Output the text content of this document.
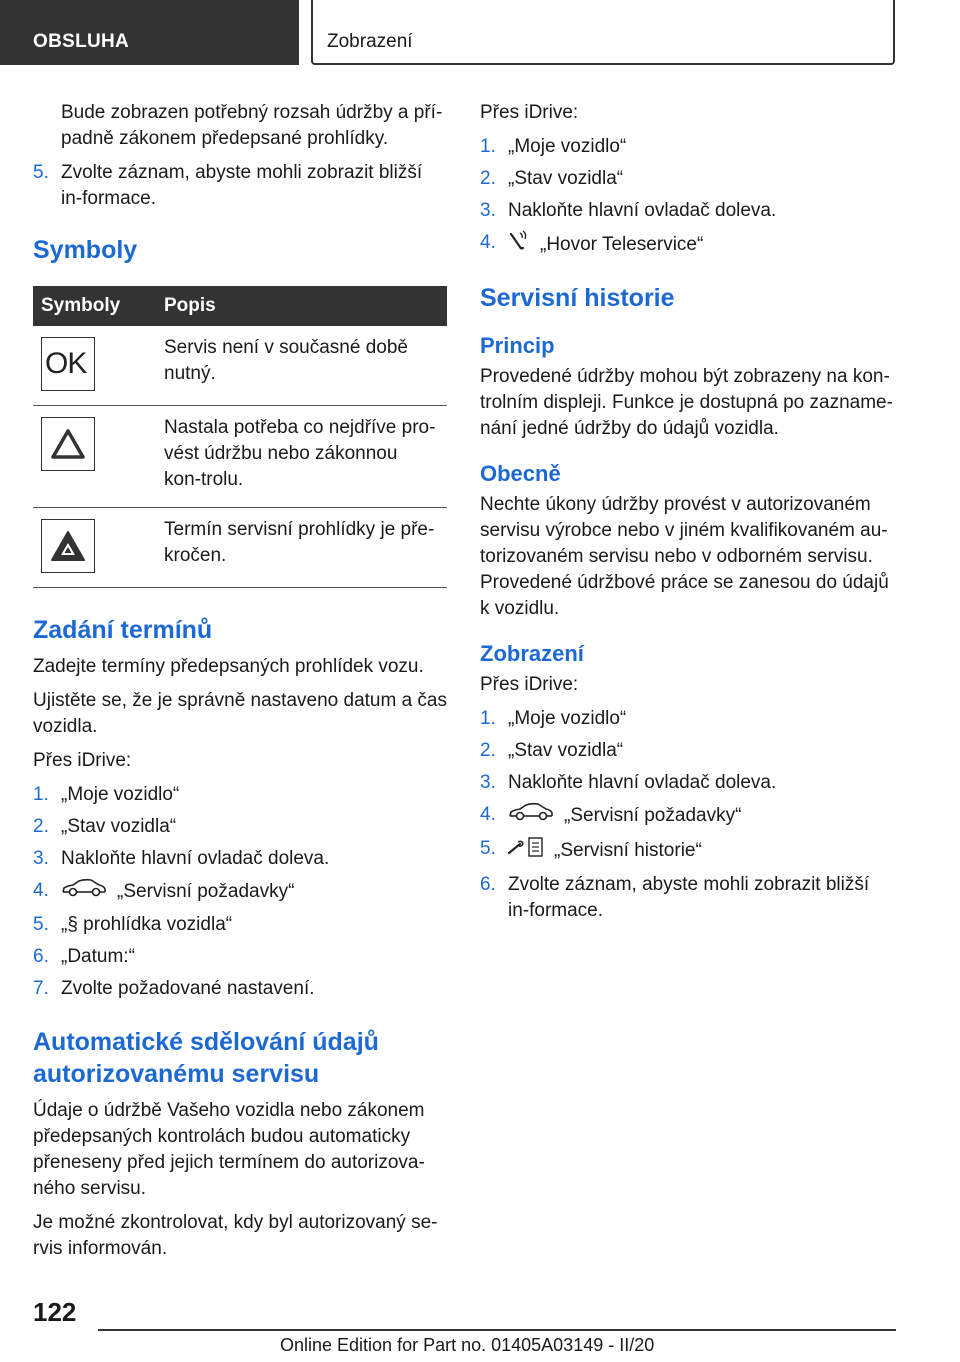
OBSLUHA	Zobrazení

Bude zobrazen potřebný rozsah údržby a pří-padně zákonem předepsané prohlídky.

5. Zvolte záznam, abyste mohli zobrazit bližší in-formace.
Symboly
Symboly	Popis

OK	Servis není v současné době nutný.

	Nastala potřeba co nejdříve pro-vést údržbu nebo zákonnou kon-trolu.

	Termín servisní prohlídky je pře-kročen.
Zadání termínů

Zadejte termíny předepsaných prohlídek vozu.

Ujistěte se, že je správně nastaveno datum a čas vozidla.

Přes iDrive:

1. „Moje vozidlo“
2. „Stav vozidla“
3. Nakloňte hlavní ovladač doleva.
4.	„Servisní požadavky“
5. „§ prohlídka vozidla“
6. „Datum:“
7. Zvolte požadované nastavení.
Automatické sdělování údajů autorizovanému servisu

Údaje o údržbě Vašeho vozidla nebo zákonem předepsaných kontrolách budou automaticky přeneseny před jejich termínem do autorizova-ného servisu.

Je možné zkontrolovat, kdy byl autorizovaný se-rvis informován.

Přes iDrive:

1. „Moje vozidlo“
2. „Stav vozidla“
3. Nakloňte hlavní ovladač doleva.
4. „Hovor Teleservice“
Servisní historie
Princip

Provedené údržby mohou být zobrazeny na kon-trolním displeji. Funkce je dostupná po zazname-nání jedné údržby do údajů vozidla.

Obecně

Nechte úkony údržby provést v autorizovaném servisu výrobce nebo v jiném kvalifikovaném au-torizovaném servisu nebo v odborném servisu. Provedené údržbové práce se zanesou do údajů k vozidlu.

Zobrazení

Přes iDrive:

1. „Moje vozidlo“
2. „Stav vozidla“
3. Nakloňte hlavní ovladač doleva.
4.	„Servisní požadavky“
5.	„Servisní historie“
6. Zvolte záznam, abyste mohli zobrazit bližší in-formace.
122
Online Edition for Part no. 01405A03149 - II/20
